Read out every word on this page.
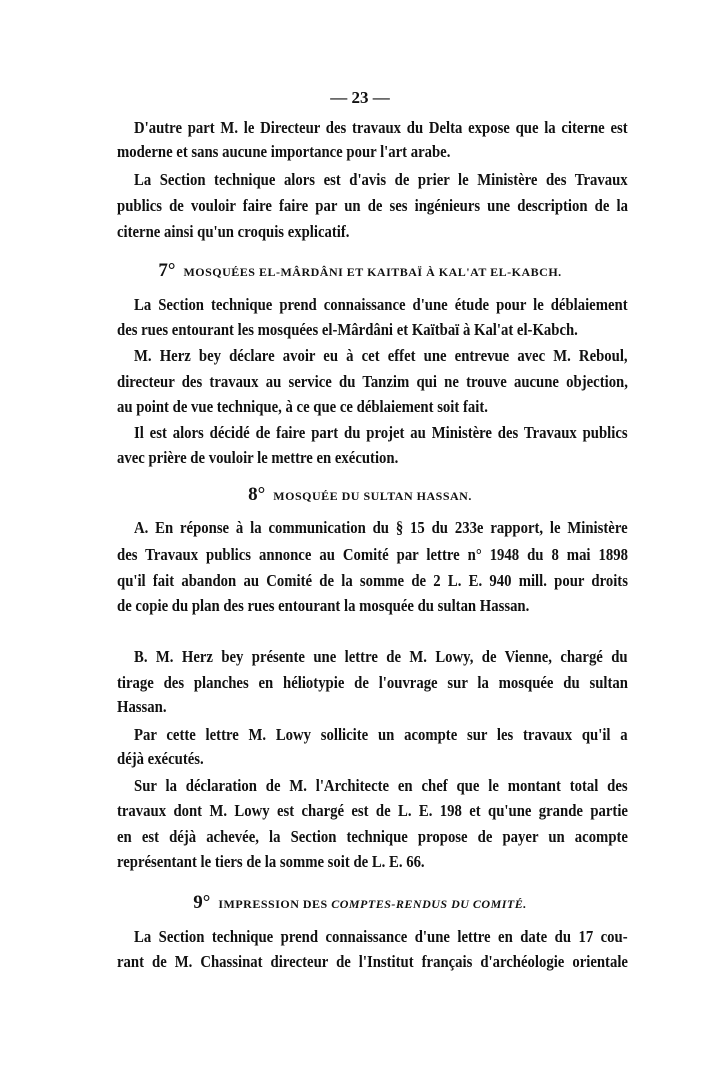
— 23 —
D'autre part M. le Directeur des travaux du Delta expose que la citerne est
moderne et sans aucune importance pour l'art arabe.
La Section technique alors est d'avis de prier le Ministère des Travaux
publics de vouloir faire faire par un de ses ingénieurs une description de la
citerne ainsi qu'un croquis explicatif.
7° MOSQUÉES EL-MÂRDÂNI ET KAITBAÏ À KAL'AT EL-KABCH.
La Section technique prend connaissance d'une étude pour le déblaiement
des rues entourant les mosquées el-Mârdâni et Kaïtbaï à Kal'at el-Kabch.
M. Herz bey déclare avoir eu à cet effet une entrevue avec M. Reboul,
directeur des travaux au service du Tanzim qui ne trouve aucune objection,
au point de vue technique, à ce que ce déblaiement soit fait.
Il est alors décidé de faire part du projet au Ministère des Travaux publics
avec prière de vouloir le mettre en exécution.
8° MOSQUÉE DU SULTAN HASSAN.
A. En réponse à la communication du § 15 du 233e rapport, le Ministère
des Travaux publics annonce au Comité par lettre n° 1948 du 8 mai 1898
qu'il fait abandon au Comité de la somme de 2 L. E. 940 mill. pour droits
de copie du plan des rues entourant la mosquée du sultan Hassan.
B. M. Herz bey présente une lettre de M. Lowy, de Vienne, chargé du
tirage des planches en héliotypie de l'ouvrage sur la mosquée du sultan
Hassan.
Par cette lettre M. Lowy sollicite un acompte sur les travaux qu'il a
déjà exécutés.
Sur la déclaration de M. l'Architecte en chef que le montant total des
travaux dont M. Lowy est chargé est de L. E. 198 et qu'une grande partie
en est déjà achevée, la Section technique propose de payer un acompte
représentant le tiers de la somme soit de L. E. 66.
9° IMPRESSION DES COMPTES-RENDUS DU COMITÉ.
La Section technique prend connaissance d'une lettre en date du 17 cou-
rant de M. Chassinat directeur de l'Institut français d'archéologie orientale
